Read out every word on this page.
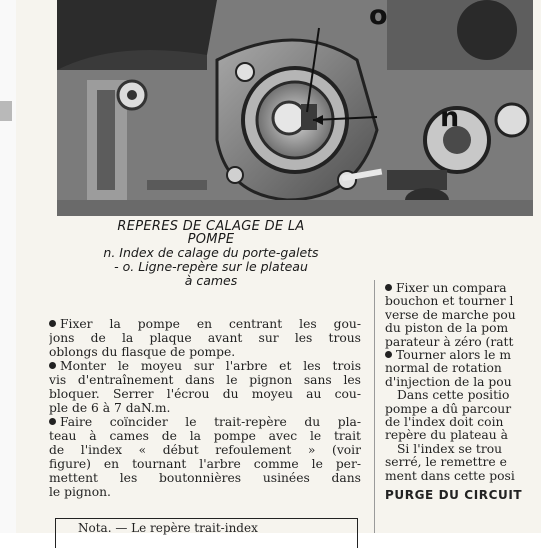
o
n
REPERES DE CALAGE DE LA
POMPE
n. Index de calage du porte-galets
- o. Ligne-repère sur le plateau
à cames
Fixer la pompe en centrant les gou-
jons de la plaque avant sur les trous
oblongs du flasque de pompe.
Monter le moyeu sur l'arbre et les trois
vis d'entraînement dans le pignon sans les
bloquer. Serrer l'écrou du moyeu au cou-
ple de 6 à 7 daN.m.
Faire coïncider le trait-repère du pla-
teau à cames de la pompe avec le trait
de l'index « début refoulement » (voir
figure) en tournant l'arbre comme le per-
mettent les boutonnières usinées dans
le pignon.
Nota. — Le repère trait-index
Fixer un compara
bouchon et tourner l
verse de marche pou
du piston de la pom
parateur à zéro (ratt
Tourner alors le m
normal de rotation
d'injection de la pou
Dans cette positio
pompe a dû parcour
de l'index doit coin
repère du plateau à
Si l'index se trou
serré, le remettre e
ment dans cette posi
PURGE DU CIRCUIT
